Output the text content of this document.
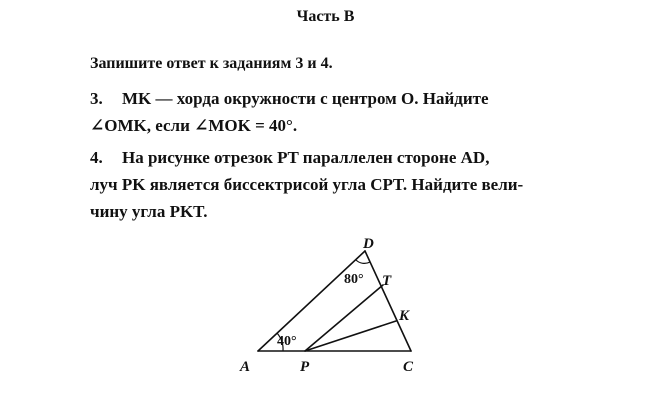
Часть B
Запишите ответ к заданиям 3 и 4.
3. MK — хорда окружности с центром O. Найдите
∠OMK, если ∠MOK = 40°.
4. На рисунке отрезок PT параллелен стороне AD,
луч PK является биссектрисой угла CPT. Найдите вели-
чину угла PKT.
D
T
K
A	P	C
80°
40°
